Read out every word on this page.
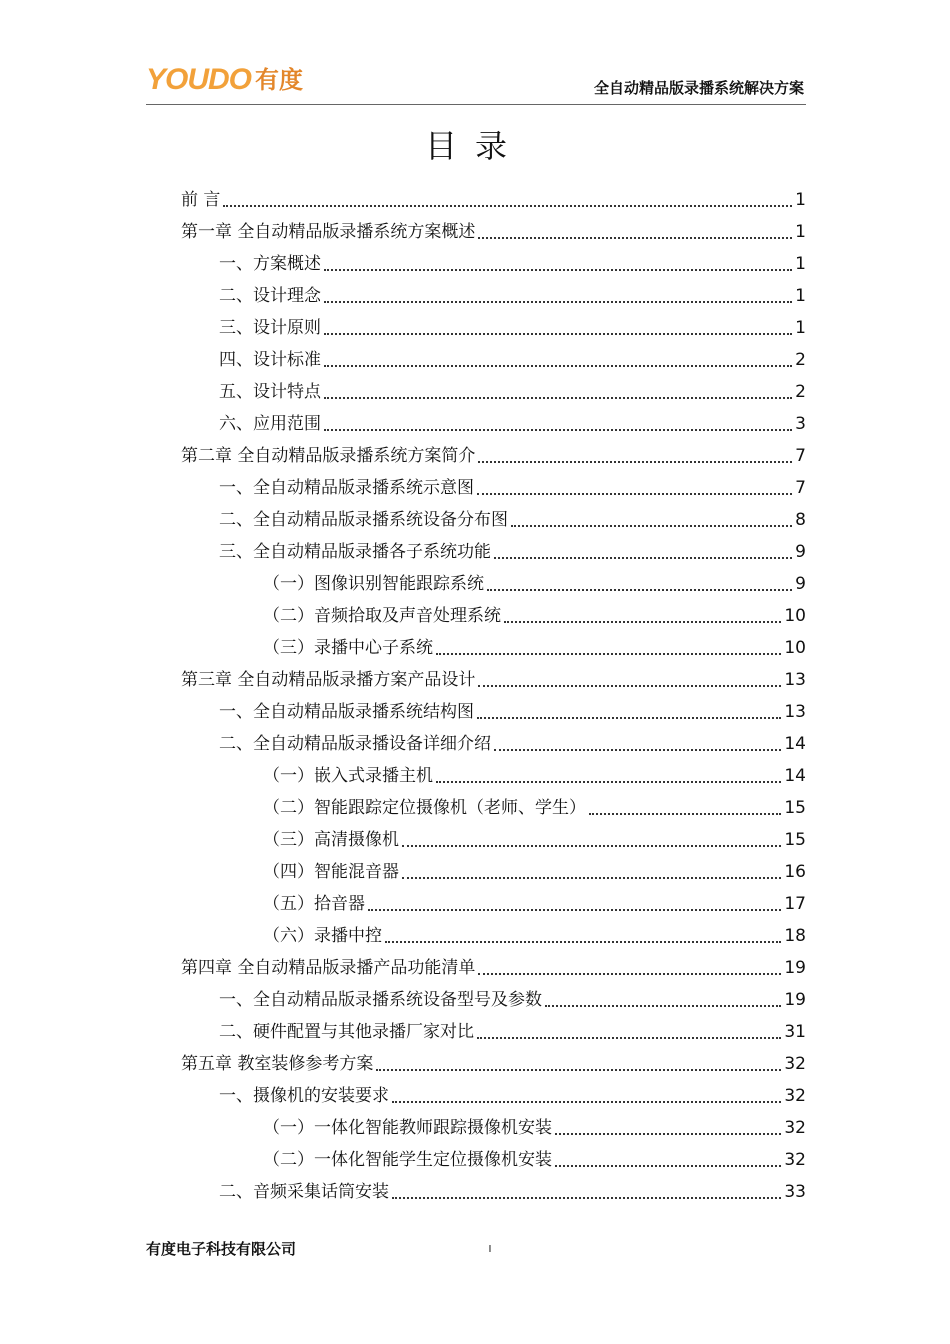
YOUDO 有度	全自动精品版录播系统解决方案
目录
前 言	1
第一章 全自动精品版录播系统方案概述	1
一、方案概述	1
二、设计理念	1
三、设计原则	1
四、设计标准	2
五、设计特点	2
六、应用范围	3
第二章 全自动精品版录播系统方案简介	7
一、全自动精品版录播系统示意图	7
二、全自动精品版录播系统设备分布图	8
三、全自动精品版录播各子系统功能	9
（一）图像识别智能跟踪系统	9
（二）音频拾取及声音处理系统	10
（三）录播中心子系统	10
第三章 全自动精品版录播方案产品设计	13
一、全自动精品版录播系统结构图	13
二、全自动精品版录播设备详细介绍	14
（一）嵌入式录播主机	14
（二）智能跟踪定位摄像机（老师、学生）	15
（三）高清摄像机	15
（四）智能混音器	16
（五）拾音器	17
（六）录播中控	18
第四章 全自动精品版录播产品功能清单	19
一、全自动精品版录播系统设备型号及参数	19
二、硬件配置与其他录播厂家对比	31
第五章 教室装修参考方案	32
一、摄像机的安装要求	32
（一）一体化智能教师跟踪摄像机安装	32
（二）一体化智能学生定位摄像机安装	32
二、音频采集话筒安装	33
有度电子科技有限公司	I
